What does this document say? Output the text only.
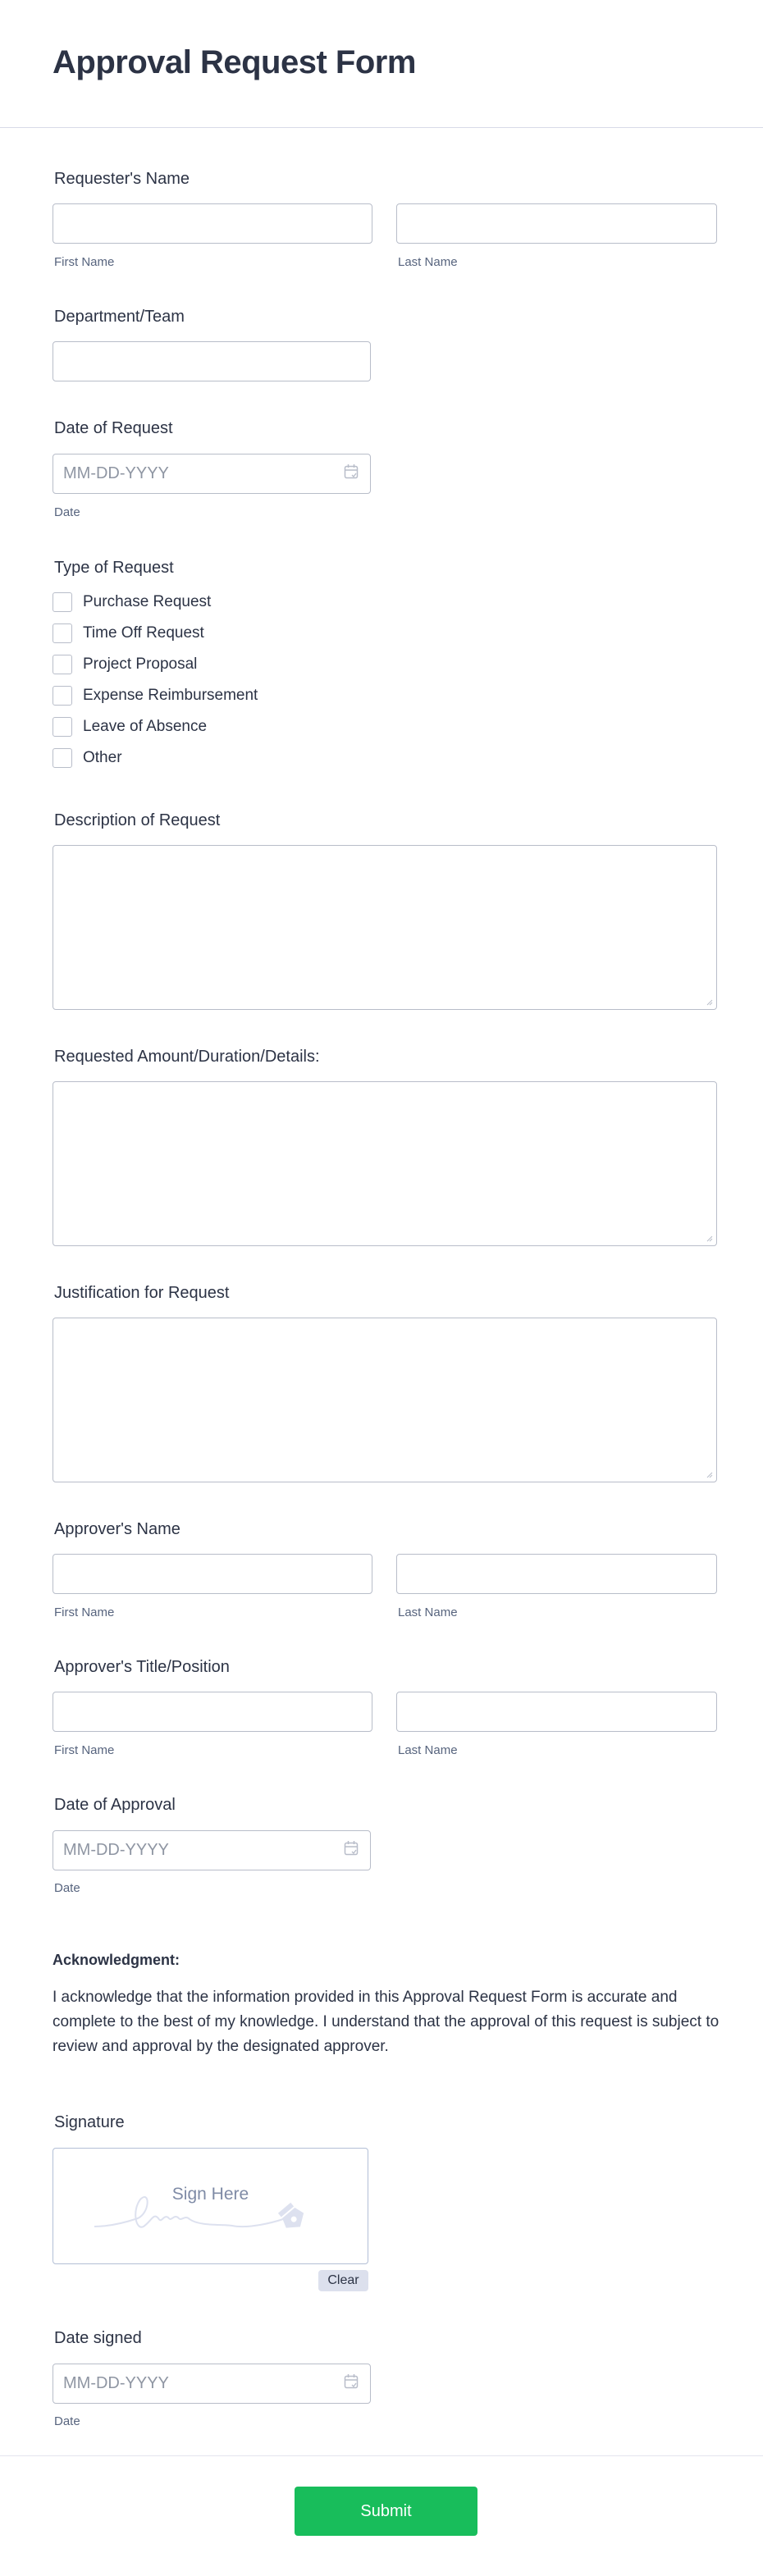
Approval Request Form
Requester's Name
First Name	Last Name
Department/Team
Date of Request
MM-DD-YYYY
Date
Type of Request
Purchase Request
Time Off Request
Project Proposal
Expense Reimbursement
Leave of Absence
Other
Description of Request
Requested Amount/Duration/Details:
Justification for Request
Approver's Name
First Name	Last Name
Approver's Title/Position
First Name	Last Name
Date of Approval
MM-DD-YYYY
Date
Acknowledgment:
I acknowledge that the information provided in this Approval Request Form is accurate and complete to the best of my knowledge. I understand that the approval of this request is subject to review and approval by the designated approver.
Signature
Sign Here
Clear
Date signed
MM-DD-YYYY
Date
Submit
